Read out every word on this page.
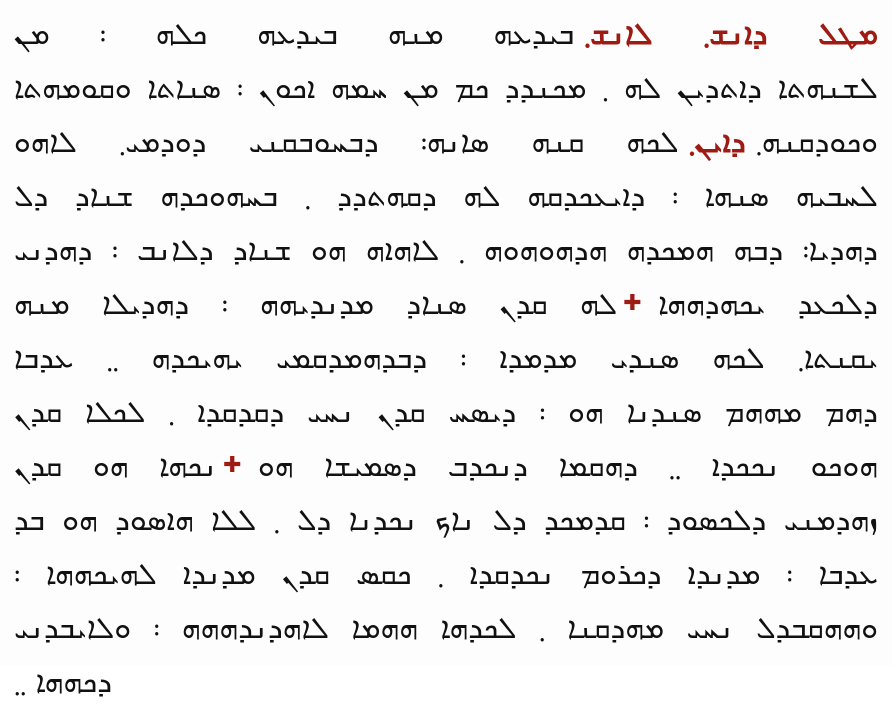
ܡܛܠ ܕܐܢܫ܂ ܠܐܢܫ܂ܒܝܕܥܗ ܡܢܗ ܒܝܕܥܗ ܟܠܗ ܃ ܡܢ
ܠܫܢܗܬܐ ܕܐܬܕܝܢ ܠܗ ܂ ܡܟܢܕܕ ܟܡ ܡܢ ܚܡܗ ܐܟܘܢ ܃ ܣܢܐܬܐ ܘܩܘܡܗܬܐ
ܘܟܘܕܩܢܗ܂ܕܐܝܢ܂ܠܟܗ ܩܢܗ ܣܐܢܗ܃ ܕܒܚܘܒܩܢܝ ܕܘܕܡܝ܂ ܠܐܗܘ
ܠܚܒܝܗ ܣܢܗܐ ܃ ܕܐܝܥܟܕܩܗ ܠܗ ܕܩܗܬܕܕ ܂ ܒܚܗܘܟܕܗ ܫܢܐܕ ܕܠ
ܕܗܕܝܐ܃ ܕܒܗ ܗܡܟܕܗ ܗܕܗܘܗܘܗ ܂ ܠܐܗܐܗ ܗܘ ܫܢܐܕ ܕܠܐܢܒ ܃ ܕܗܕܢܝ
ܕܠܟܥܕ ܝܟܗܕܗܗܐ✚ܠܗ ܩܕܢ ܣܢܐܕ ܡܕܢܕܝܗܗ ܃ ܕܗܕܝܠܐ ܡܢܗ
ܝܩܢܬܐ܂ ܠܟܗ ܣܢܕܝ ܡܕܡܕܐ ܃ ܕܒܕܗܡܕܩܡܝ ܝܗܝܟܕܗ ܂܂ ܥܕܒܐ
ܕܗܡ ܡܗܗܡ ܣܢܕܢܐ ܗܘ ܃ ܕܝܣܚ ܩܕܢ ܢܚܝ ܕܩܕܩܕܐ ܂ ܠܟܠܐ ܩܕܢ
ܗܘܟܘ ܢܟܟܕܐ ܂܂ ܕܗܩܡܐ ܕܢܟܕܒ ܕܣܡܝܫܐ ܗܘ✚ܢܟܗܐ ܗܘ ܩܕܢ
ܙܗܕܡܢܝ ܕܠܟܣܘܕ ܃ ܩܕܡܟܕ ܕܠ ܢܐܟ ܢܟܕܢܐ ܕܠ ܂ ܠܠܐ ܗܐܣܘܕ ܗܘ ܒܕ
ܥܕܒܐ ܃ ܡܕܢܕܐ ܕܟܪܘܡ ܢܟܕܩܕܐ ܂ ܟܩܣ ܩܕܢ ܡܕܢܕܐ ܠܗܝܟܗܗܐ ܃
ܘܗܗܩܒܕܠ ܢܚܝ ܡܗܕܩܢܐ ܂ ܠܟܕܗܐ ܗܗܡܐ ܠܐܗܕܢܕܗܗܗ ܃ ܘܠܐܝܒܕܢܝ
ܕܟܗܗܐ ܂܂
